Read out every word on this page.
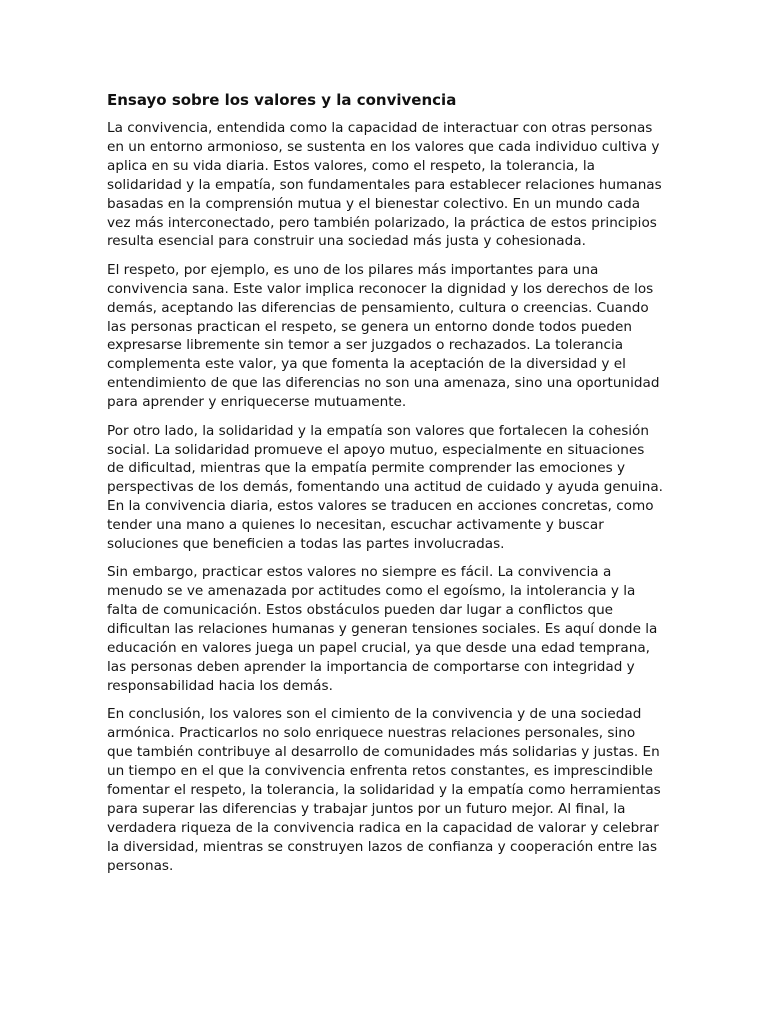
Ensayo sobre los valores y la convivencia

La convivencia, entendida como la capacidad de interactuar con otras personas en un entorno armonioso, se sustenta en los valores que cada individuo cultiva y aplica en su vida diaria. Estos valores, como el respeto, la tolerancia, la solidaridad y la empatía, son fundamentales para establecer relaciones humanas basadas en la comprensión mutua y el bienestar colectivo. En un mundo cada vez más interconectado, pero también polarizado, la práctica de estos principios resulta esencial para construir una sociedad más justa y cohesionada.

El respeto, por ejemplo, es uno de los pilares más importantes para una convivencia sana. Este valor implica reconocer la dignidad y los derechos de los demás, aceptando las diferencias de pensamiento, cultura o creencias. Cuando las personas practican el respeto, se genera un entorno donde todos pueden expresarse libremente sin temor a ser juzgados o rechazados. La tolerancia complementa este valor, ya que fomenta la aceptación de la diversidad y el entendimiento de que las diferencias no son una amenaza, sino una oportunidad para aprender y enriquecerse mutuamente.

Por otro lado, la solidaridad y la empatía son valores que fortalecen la cohesión social. La solidaridad promueve el apoyo mutuo, especialmente en situaciones de dificultad, mientras que la empatía permite comprender las emociones y perspectivas de los demás, fomentando una actitud de cuidado y ayuda genuina. En la convivencia diaria, estos valores se traducen en acciones concretas, como tender una mano a quienes lo necesitan, escuchar activamente y buscar soluciones que beneficien a todas las partes involucradas.

Sin embargo, practicar estos valores no siempre es fácil. La convivencia a menudo se ve amenazada por actitudes como el egoísmo, la intolerancia y la falta de comunicación. Estos obstáculos pueden dar lugar a conflictos que dificultan las relaciones humanas y generan tensiones sociales. Es aquí donde la educación en valores juega un papel crucial, ya que desde una edad temprana, las personas deben aprender la importancia de comportarse con integridad y responsabilidad hacia los demás.

En conclusión, los valores son el cimiento de la convivencia y de una sociedad armónica. Practicarlos no solo enriquece nuestras relaciones personales, sino que también contribuye al desarrollo de comunidades más solidarias y justas. En un tiempo en el que la convivencia enfrenta retos constantes, es imprescindible fomentar el respeto, la tolerancia, la solidaridad y la empatía como herramientas para superar las diferencias y trabajar juntos por un futuro mejor. Al final, la verdadera riqueza de la convivencia radica en la capacidad de valorar y celebrar la diversidad, mientras se construyen lazos de confianza y cooperación entre las personas.
